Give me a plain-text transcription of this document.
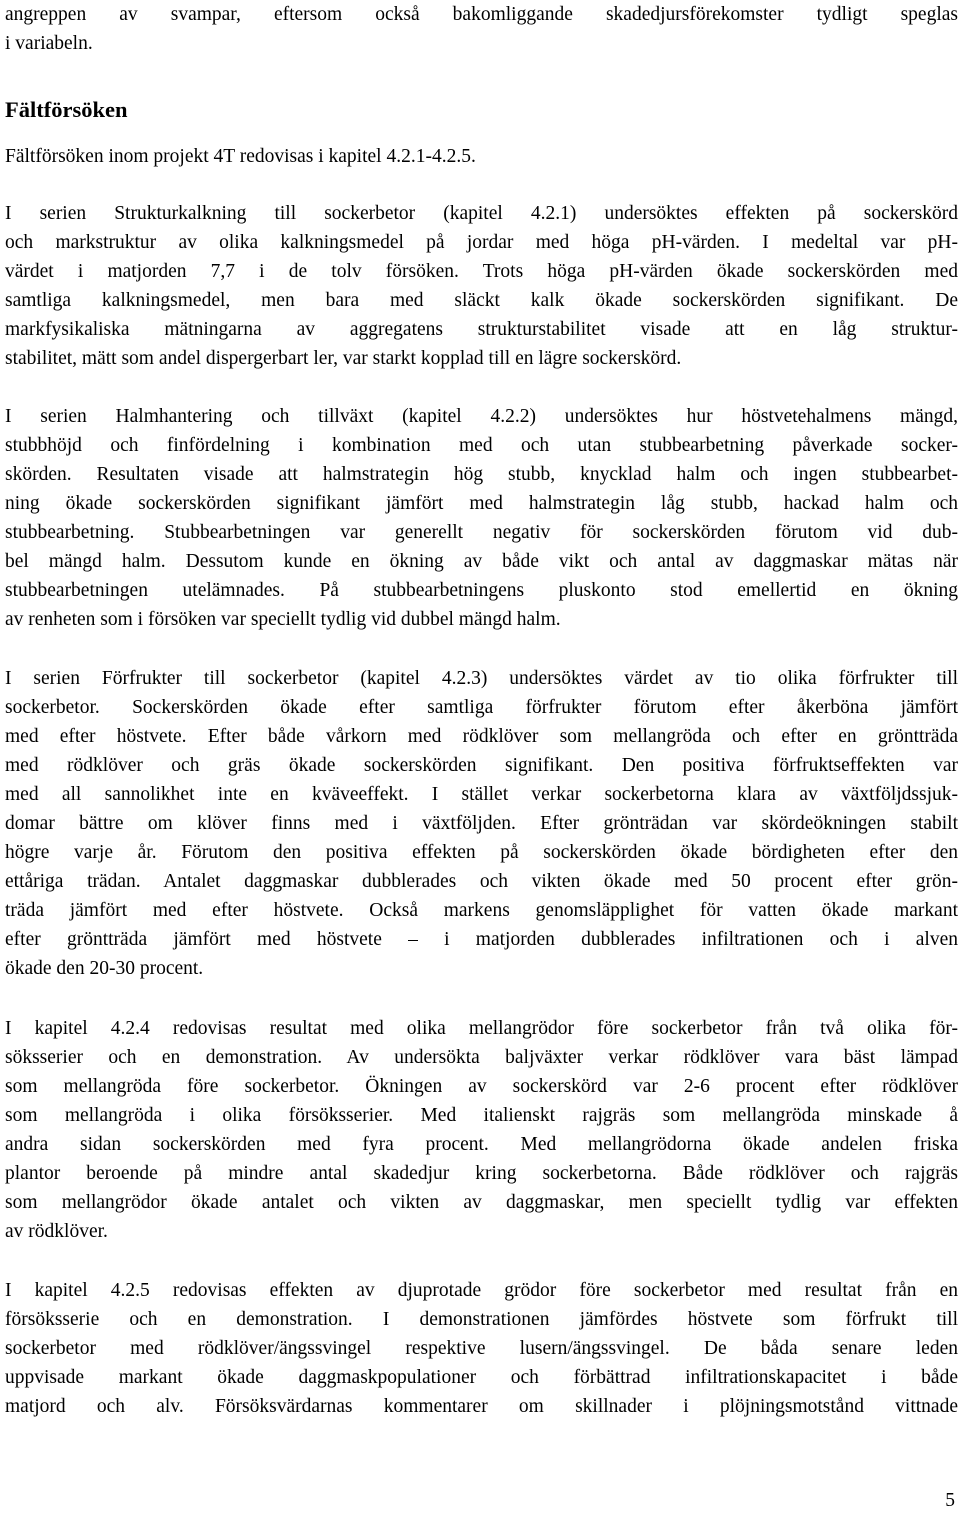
angreppen av svampar, eftersom också bakomliggande skadedjursförekomster tydligt speglas
i variabeln.
Fältförsöken
Fältförsöken inom projekt 4T redovisas i kapitel 4.2.1-4.2.5.
I serien Strukturkalkning till sockerbetor (kapitel 4.2.1) undersöktes effekten på sockerskörd
och markstruktur av olika kalkningsmedel på jordar med höga pH-värden. I medeltal var pH-
värdet i matjorden 7,7 i de tolv försöken. Trots höga pH-värden ökade sockerskörden med
samtliga kalkningsmedel, men bara med släckt kalk ökade sockerskörden signifikant. De
markfysikaliska mätningarna av aggregatens strukturstabilitet visade att en låg struktur-
stabilitet, mätt som andel dispergerbart ler, var starkt kopplad till en lägre sockerskörd.
I serien Halmhantering och tillväxt (kapitel 4.2.2) undersöktes hur höstvetehalmens mängd,
stubbhöjd och finfördelning i kombination med och utan stubbearbetning påverkade socker-
skörden. Resultaten visade att halmstrategin hög stubb, knycklad halm och ingen stubbearbet-
ning ökade sockerskörden signifikant jämfört med halmstrategin låg stubb, hackad halm och
stubbearbetning. Stubbearbetningen var generellt negativ för sockerskörden förutom vid dub-
bel mängd halm. Dessutom kunde en ökning av både vikt och antal av daggmaskar mätas när
stubbearbetningen utelämnades. På stubbearbetningens pluskonto stod emellertid en ökning
av renheten som i försöken var speciellt tydlig vid dubbel mängd halm.
I serien Förfrukter till sockerbetor (kapitel 4.2.3) undersöktes värdet av tio olika förfrukter till
sockerbetor. Sockerskörden ökade efter samtliga förfrukter förutom efter åkerböna jämfört
med efter höstvete. Efter både vårkorn med rödklöver som mellangröda och efter en gröntträda
med rödklöver och gräs ökade sockerskörden signifikant. Den positiva förfruktseffekten var
med all sannolikhet inte en kväveeffekt. I stället verkar sockerbetorna klara av växtföljdssjuk-
domar bättre om klöver finns med i växtföljden. Efter grönträdan var skördeökningen stabilt
högre varje år. Förutom den positiva effekten på sockerskörden ökade bördigheten efter den
ettåriga trädan. Antalet daggmaskar dubblerades och vikten ökade med 50 procent efter grön-
träda jämfört med efter höstvete. Också markens genomsläpplighet för vatten ökade markant
efter gröntträda jämfört med höstvete – i matjorden dubblerades infiltrationen och i alven
ökade den 20-30 procent.
I kapitel 4.2.4 redovisas resultat med olika mellangrödor före sockerbetor från två olika för-
söksserier och en demonstration. Av undersökta baljväxter verkar rödklöver vara bäst lämpad
som mellangröda före sockerbetor. Ökningen av sockerskörd var 2-6 procent efter rödklöver
som mellangröda i olika försöksserier. Med italienskt rajgräs som mellangröda minskade å
andra sidan sockerskörden med fyra procent. Med mellangrödorna ökade andelen friska
plantor beroende på mindre antal skadedjur kring sockerbetorna. Både rödklöver och rajgräs
som mellangrödor ökade antalet och vikten av daggmaskar, men speciellt tydlig var effekten
av rödklöver.
I kapitel 4.2.5 redovisas effekten av djuprotade grödor före sockerbetor med resultat från en
försöksserie och en demonstration. I demonstrationen jämfördes höstvete som förfrukt till
sockerbetor med rödklöver/ängssvingel respektive lusern/ängssvingel. De båda senare leden
uppvisade markant ökade daggmaskpopulationer och förbättrad infiltrationskapacitet i både
matjord och alv. Försöksvärdarnas kommentarer om skillnader i plöjningsmotstånd vittnade
5
